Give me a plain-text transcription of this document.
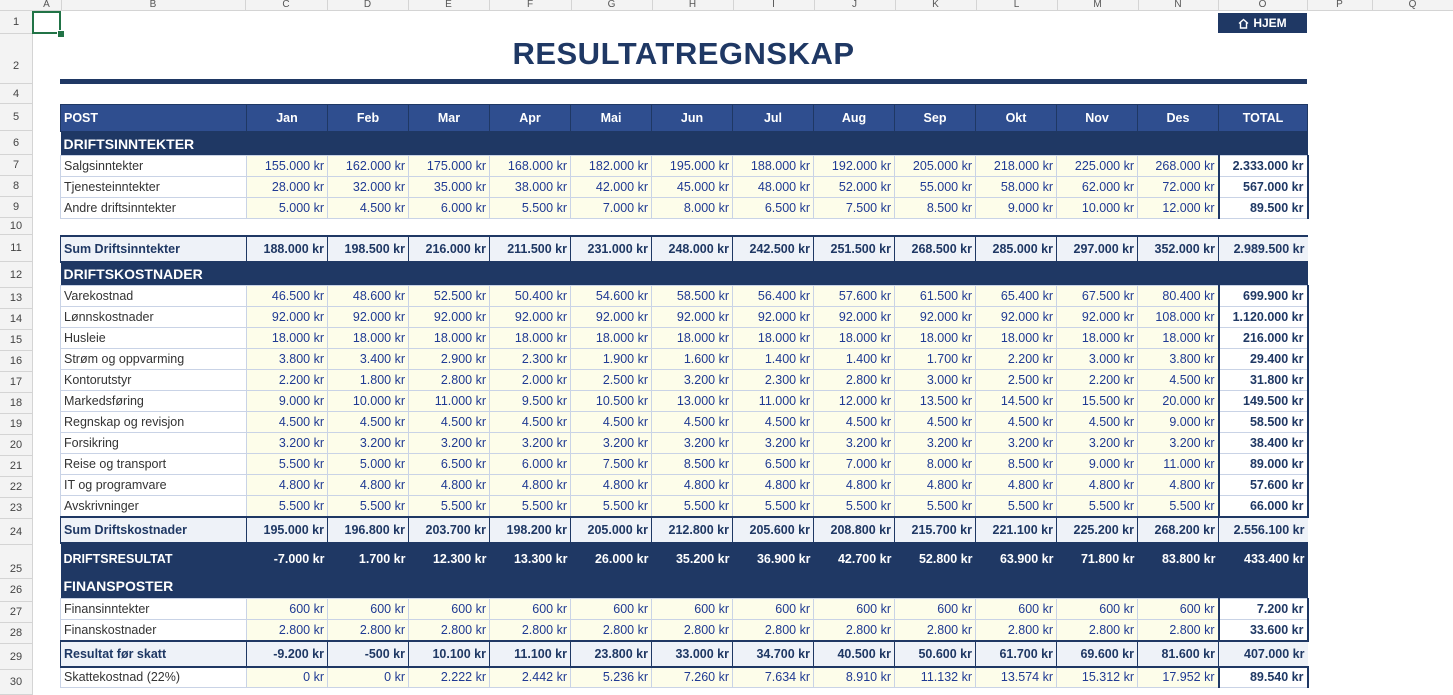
A	B	C	D	E	F	G	H	I	J	K	L	M	N	O	P	Q
1
2
4
5
6
7
8
9
10
11
12
13
14
15
16
17
18
19
20
21
22
23
24
25
26
27
28
29
30
HJEM
RESULTATREGNSKAP
POST	Jan	Feb	Mar	Apr	Mai	Jun	Jul	Aug	Sep	Okt	Nov	Des	TOTAL
DRIFTSINNTEKTER													
Salgsinntekter	155.000 kr	162.000 kr	175.000 kr	168.000 kr	182.000 kr	195.000 kr	188.000 kr	192.000 kr	205.000 kr	218.000 kr	225.000 kr	268.000 kr	2.333.000 kr
Tjenesteinntekter	28.000 kr	32.000 kr	35.000 kr	38.000 kr	42.000 kr	45.000 kr	48.000 kr	52.000 kr	55.000 kr	58.000 kr	62.000 kr	72.000 kr	567.000 kr
Andre driftsinntekter	5.000 kr	4.500 kr	6.000 kr	5.500 kr	7.000 kr	8.000 kr	6.500 kr	7.500 kr	8.500 kr	9.000 kr	10.000 kr	12.000 kr	89.500 kr

Sum Driftsinntekter	188.000 kr	198.500 kr	216.000 kr	211.500 kr	231.000 kr	248.000 kr	242.500 kr	251.500 kr	268.500 kr	285.000 kr	297.000 kr	352.000 kr	2.989.500 kr
DRIFTSKOSTNADER													
Varekostnad	46.500 kr	48.600 kr	52.500 kr	50.400 kr	54.600 kr	58.500 kr	56.400 kr	57.600 kr	61.500 kr	65.400 kr	67.500 kr	80.400 kr	699.900 kr
Lønnskostnader	92.000 kr	92.000 kr	92.000 kr	92.000 kr	92.000 kr	92.000 kr	92.000 kr	92.000 kr	92.000 kr	92.000 kr	92.000 kr	108.000 kr	1.120.000 kr
Husleie	18.000 kr	18.000 kr	18.000 kr	18.000 kr	18.000 kr	18.000 kr	18.000 kr	18.000 kr	18.000 kr	18.000 kr	18.000 kr	18.000 kr	216.000 kr
Strøm og oppvarming	3.800 kr	3.400 kr	2.900 kr	2.300 kr	1.900 kr	1.600 kr	1.400 kr	1.400 kr	1.700 kr	2.200 kr	3.000 kr	3.800 kr	29.400 kr
Kontorutstyr	2.200 kr	1.800 kr	2.800 kr	2.000 kr	2.500 kr	3.200 kr	2.300 kr	2.800 kr	3.000 kr	2.500 kr	2.200 kr	4.500 kr	31.800 kr
Markedsføring	9.000 kr	10.000 kr	11.000 kr	9.500 kr	10.500 kr	13.000 kr	11.000 kr	12.000 kr	13.500 kr	14.500 kr	15.500 kr	20.000 kr	149.500 kr
Regnskap og revisjon	4.500 kr	4.500 kr	4.500 kr	4.500 kr	4.500 kr	4.500 kr	4.500 kr	4.500 kr	4.500 kr	4.500 kr	4.500 kr	9.000 kr	58.500 kr
Forsikring	3.200 kr	3.200 kr	3.200 kr	3.200 kr	3.200 kr	3.200 kr	3.200 kr	3.200 kr	3.200 kr	3.200 kr	3.200 kr	3.200 kr	38.400 kr
Reise og transport	5.500 kr	5.000 kr	6.500 kr	6.000 kr	7.500 kr	8.500 kr	6.500 kr	7.000 kr	8.000 kr	8.500 kr	9.000 kr	11.000 kr	89.000 kr
IT og programvare	4.800 kr	4.800 kr	4.800 kr	4.800 kr	4.800 kr	4.800 kr	4.800 kr	4.800 kr	4.800 kr	4.800 kr	4.800 kr	4.800 kr	57.600 kr
Avskrivninger	5.500 kr	5.500 kr	5.500 kr	5.500 kr	5.500 kr	5.500 kr	5.500 kr	5.500 kr	5.500 kr	5.500 kr	5.500 kr	5.500 kr	66.000 kr
Sum Driftskostnader	195.000 kr	196.800 kr	203.700 kr	198.200 kr	205.000 kr	212.800 kr	205.600 kr	208.800 kr	215.700 kr	221.100 kr	225.200 kr	268.200 kr	2.556.100 kr
DRIFTSRESULTAT	-7.000 kr	1.700 kr	12.300 kr	13.300 kr	26.000 kr	35.200 kr	36.900 kr	42.700 kr	52.800 kr	63.900 kr	71.800 kr	83.800 kr	433.400 kr
FINANSPOSTER													
Finansinntekter	600 kr	600 kr	600 kr	600 kr	600 kr	600 kr	600 kr	600 kr	600 kr	600 kr	600 kr	600 kr	7.200 kr
Finanskostnader	2.800 kr	2.800 kr	2.800 kr	2.800 kr	2.800 kr	2.800 kr	2.800 kr	2.800 kr	2.800 kr	2.800 kr	2.800 kr	2.800 kr	33.600 kr
Resultat før skatt	-9.200 kr	-500 kr	10.100 kr	11.100 kr	23.800 kr	33.000 kr	34.700 kr	40.500 kr	50.600 kr	61.700 kr	69.600 kr	81.600 kr	407.000 kr
Skattekostnad (22%)	0 kr	0 kr	2.222 kr	2.442 kr	5.236 kr	7.260 kr	7.634 kr	8.910 kr	11.132 kr	13.574 kr	15.312 kr	17.952 kr	89.540 kr
